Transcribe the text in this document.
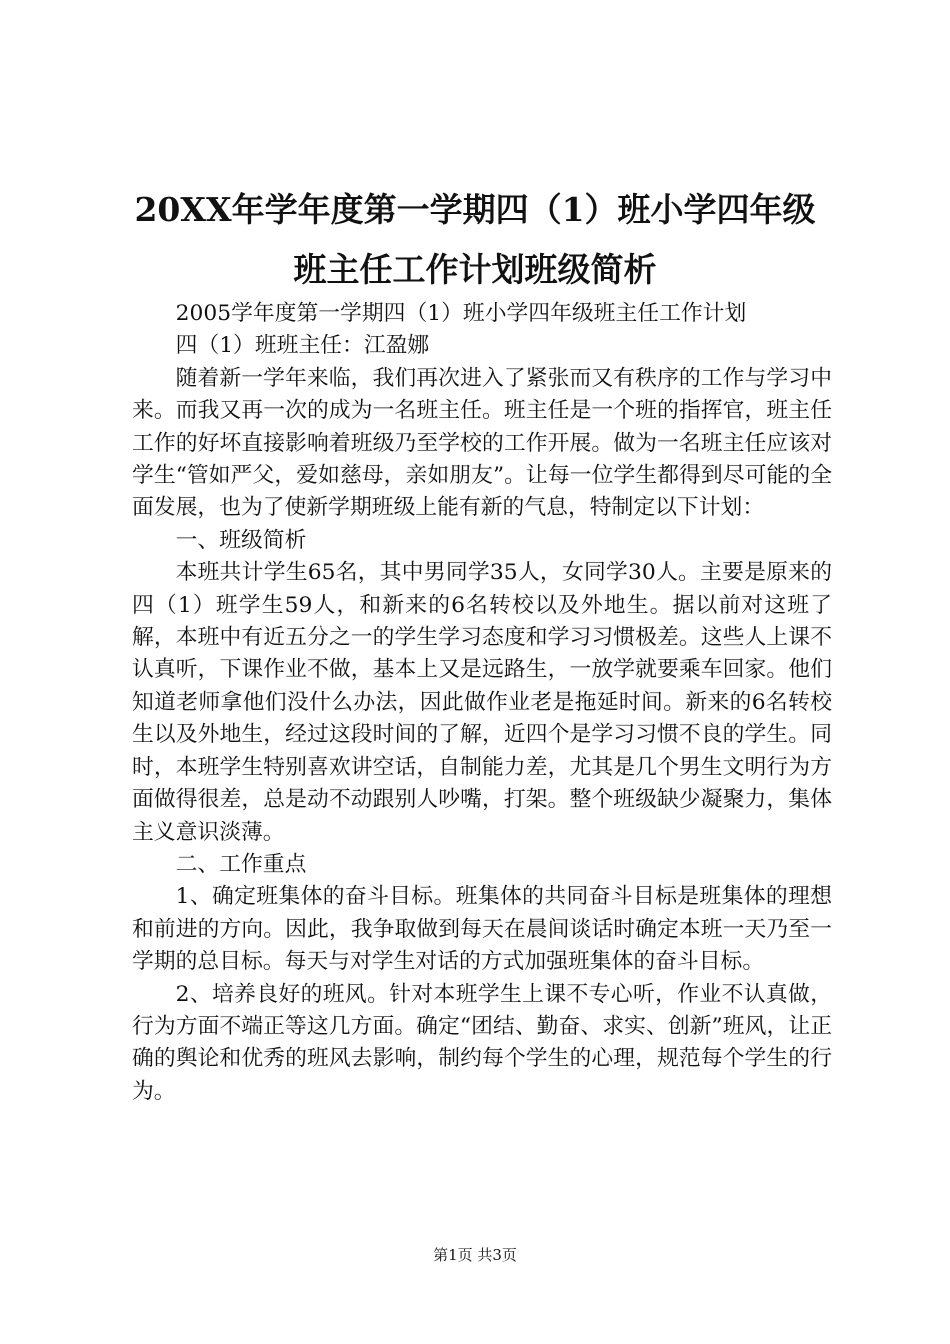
20XX年学年度第一学期四（1）班小学四年级
班主任工作计划班级简析

2005学年度第一学期四（1）班小学四年级班主任工作计划

四（1）班班主任：江盈娜

随着新一学年来临，我们再次进入了紧张而又有秩序的工作与学习中来。而我又再一次的成为一名班主任。班主任是一个班的指挥官，班主任工作的好坏直接影响着班级乃至学校的工作开展。做为一名班主任应该对学生“管如严父，爱如慈母，亲如朋友”。让每一位学生都得到尽可能的全面发展，也为了使新学期班级上能有新的气息，特制定以下计划：

一、班级简析

本班共计学生65名，其中男同学35人，女同学30人。主要是原来的四（1）班学生59人，和新来的6名转校以及外地生。据以前对这班了解，本班中有近五分之一的学生学习态度和学习习惯极差。这些人上课不认真听，下课作业不做，基本上又是远路生，一放学就要乘车回家。他们知道老师拿他们没什么办法，因此做作业老是拖延时间。新来的6名转校生以及外地生，经过这段时间的了解，近四个是学习习惯不良的学生。同时，本班学生特别喜欢讲空话，自制能力差，尤其是几个男生文明行为方面做得很差，总是动不动跟别人吵嘴，打架。整个班级缺少凝聚力，集体主义意识淡薄。

二、工作重点

1、确定班集体的奋斗目标。班集体的共同奋斗目标是班集体的理想和前进的方向。因此，我争取做到每天在晨间谈话时确定本班一天乃至一学期的总目标。每天与对学生对话的方式加强班集体的奋斗目标。

2、培养良好的班风。针对本班学生上课不专心听，作业不认真做，行为方面不端正等这几方面。确定“团结、勤奋、求实、创新”班风，让正确的舆论和优秀的班风去影响，制约每个学生的心理，规范每个学生的行为。

第1页 共3页
